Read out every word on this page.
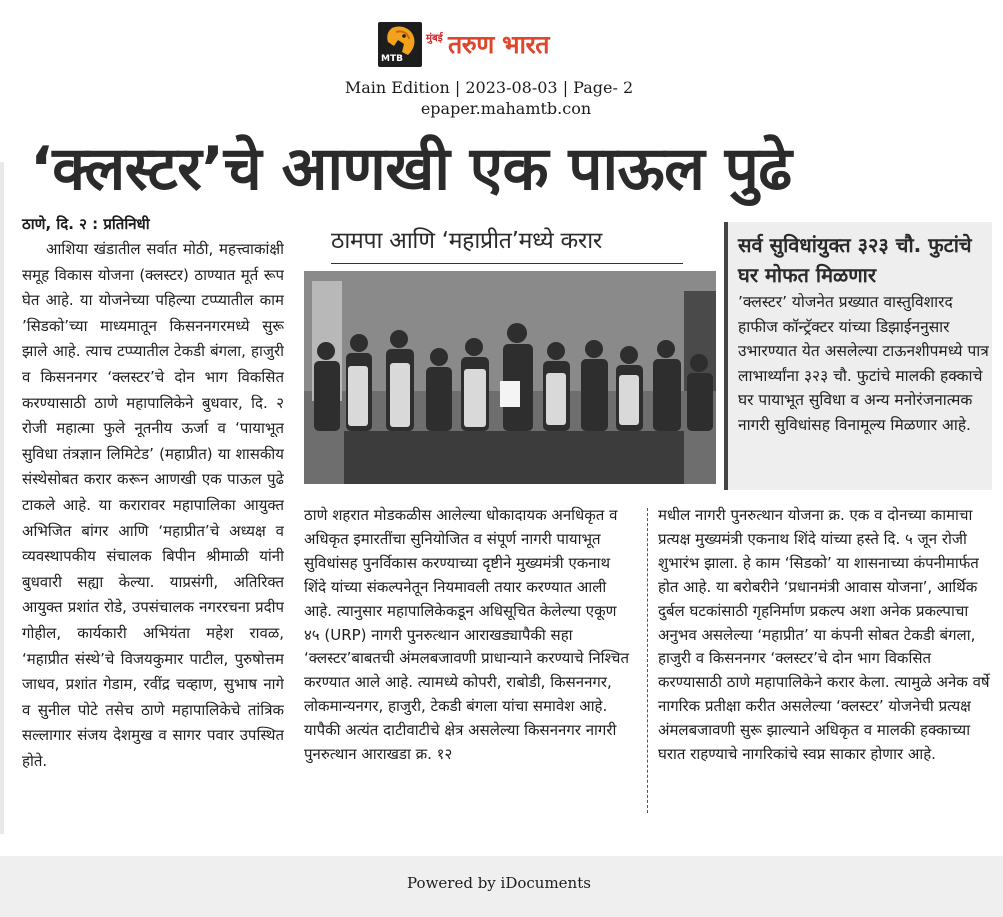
MTB
मुंबई तरुण भारत
Main Edition | 2023-08-03 | Page- 2
epaper.mahamtb.con
‘क्लस्टर’चे आणखी एक पाऊल पुढे
ठाणे, दि. २ : प्रतिनिधी
आशिया खंडातील सर्वात मोठी, महत्त्वाकांक्षी समूह विकास योजना (क्लस्टर) ठाण्यात मूर्त रूप घेत आहे. या योजनेच्या पहिल्या टप्प्यातील काम ’सिडको’च्या माध्यमातून किसननगरमध्ये सुरू झाले आहे. त्याच टप्प्यातील टेकडी बंगला, हाजुरी व किसननगर ‘क्लस्टर’चे दोन भाग विकसित करण्यासाठी ठाणे महापालिकेने बुधवार, दि. २ रोजी महात्मा फुले नूतनीय ऊर्जा व ‘पायाभूत सुविधा तंत्रज्ञान लिमिटेड’ (महाप्रीत) या शासकीय संस्थेसोबत करार करून आणखी एक पाऊल पुढे टाकले आहे. या करारावर महापालिका आयुक्त अभिजित बांगर आणि ‘महाप्रीत’चे अध्यक्ष व व्यवस्थापकीय संचालक बिपीन श्रीमाळी यांनी बुधवारी सह्या केल्या. याप्रसंगी, अतिरिक्त आयुक्त प्रशांत रोडे, उपसंचालक नगररचना प्रदीप गोहील, कार्यकारी अभियंता महेश रावळ, ‘महाप्रीत संस्थे’चे विजयकुमार पाटील, पुरुषोत्तम जाधव, प्रशांत गेडाम, रवींद्र चव्हाण, सुभाष नागे व सुनील पोटे तसेच ठाणे महापालिकेचे तांत्रिक सल्लागार संजय देशमुख व सागर पवार उपस्थित होते.
ठामपा आणि ‘महाप्रीत’मध्ये करार	सर्व सुविधांयुक्त ३२३ चौ. फुटांचे घर मोफत मिळणार
’क्लस्टर’ योजनेत प्रख्यात वास्तुविशारद हाफीज कॉन्ट्रॅक्टर यांच्या डिझाईननुसार उभारण्यात येत असलेल्या टाऊनशीपमध्ये पात्र लाभार्थ्यांना ३२३ चौ. फुटांचे मालकी हक्काचे घर पायाभूत सुविधा व अन्य मनोरंजनात्मक नागरी सुविधांसह विनामूल्य मिळणार आहे.
ठाणे शहरात मोडकळीस आलेल्या धोकादायक अनधिकृत व अधिकृत इमारतींचा सुनियोजित व संपूर्ण नागरी पायाभूत सुविधांसह पुनर्विकास करण्याच्या दृष्टीने मुख्यमंत्री एकनाथ शिंदे यांच्या संकल्पनेतून नियमावली तयार करण्यात आली आहे. त्यानुसार महापालिकेकडून अधिसूचित केलेल्या एकूण ४५ (URP) नागरी पुनरुत्थान आराखड्यापैकी सहा ‘क्लस्टर’बाबतची अंमलबजावणी प्राधान्याने करण्याचे निश्चित करण्यात आले आहे. त्यामध्ये कोपरी, राबोडी, किसननगर, लोकमान्यनगर, हाजुरी, टेकडी बंगला यांचा समावेश आहे. यापैकी अत्यंत दाटीवाटीचे क्षेत्र असलेल्या किसननगर नागरी पुनरुत्थान आराखडा क्र. १२
मधील नागरी पुनरुत्थान योजना क्र. एक व दोनच्या कामाचा प्रत्यक्ष मुख्यमंत्री एकनाथ शिंदे यांच्या हस्ते दि. ५ जून रोजी शुभारंभ झाला. हे काम ‘सिडको’ या शासनाच्या कंपनीमार्फत होत आहे. या बरोबरीने ‘प्रधानमंत्री आवास योजना’, आर्थिक दुर्बल घटकांसाठी गृहनिर्माण प्रकल्प अशा अनेक प्रकल्पाचा अनुभव असलेल्या ‘महाप्रीत’ या कंपनी सोबत टेकडी बंगला, हाजुरी व किसननगर ‘क्लस्टर’चे दोन भाग विकसित करण्यासाठी ठाणे महापालिकेने करार केला. त्यामुळे अनेक वर्षे नागरिक प्रतीक्षा करीत असलेल्या ‘क्लस्टर’ योजनेची प्रत्यक्ष अंमलबजावणी सुरू झाल्याने अधिकृत व मालकी हक्काच्या घरात राहण्याचे नागरिकांचे स्वप्न साकार होणार आहे.
Powered by iDocuments
